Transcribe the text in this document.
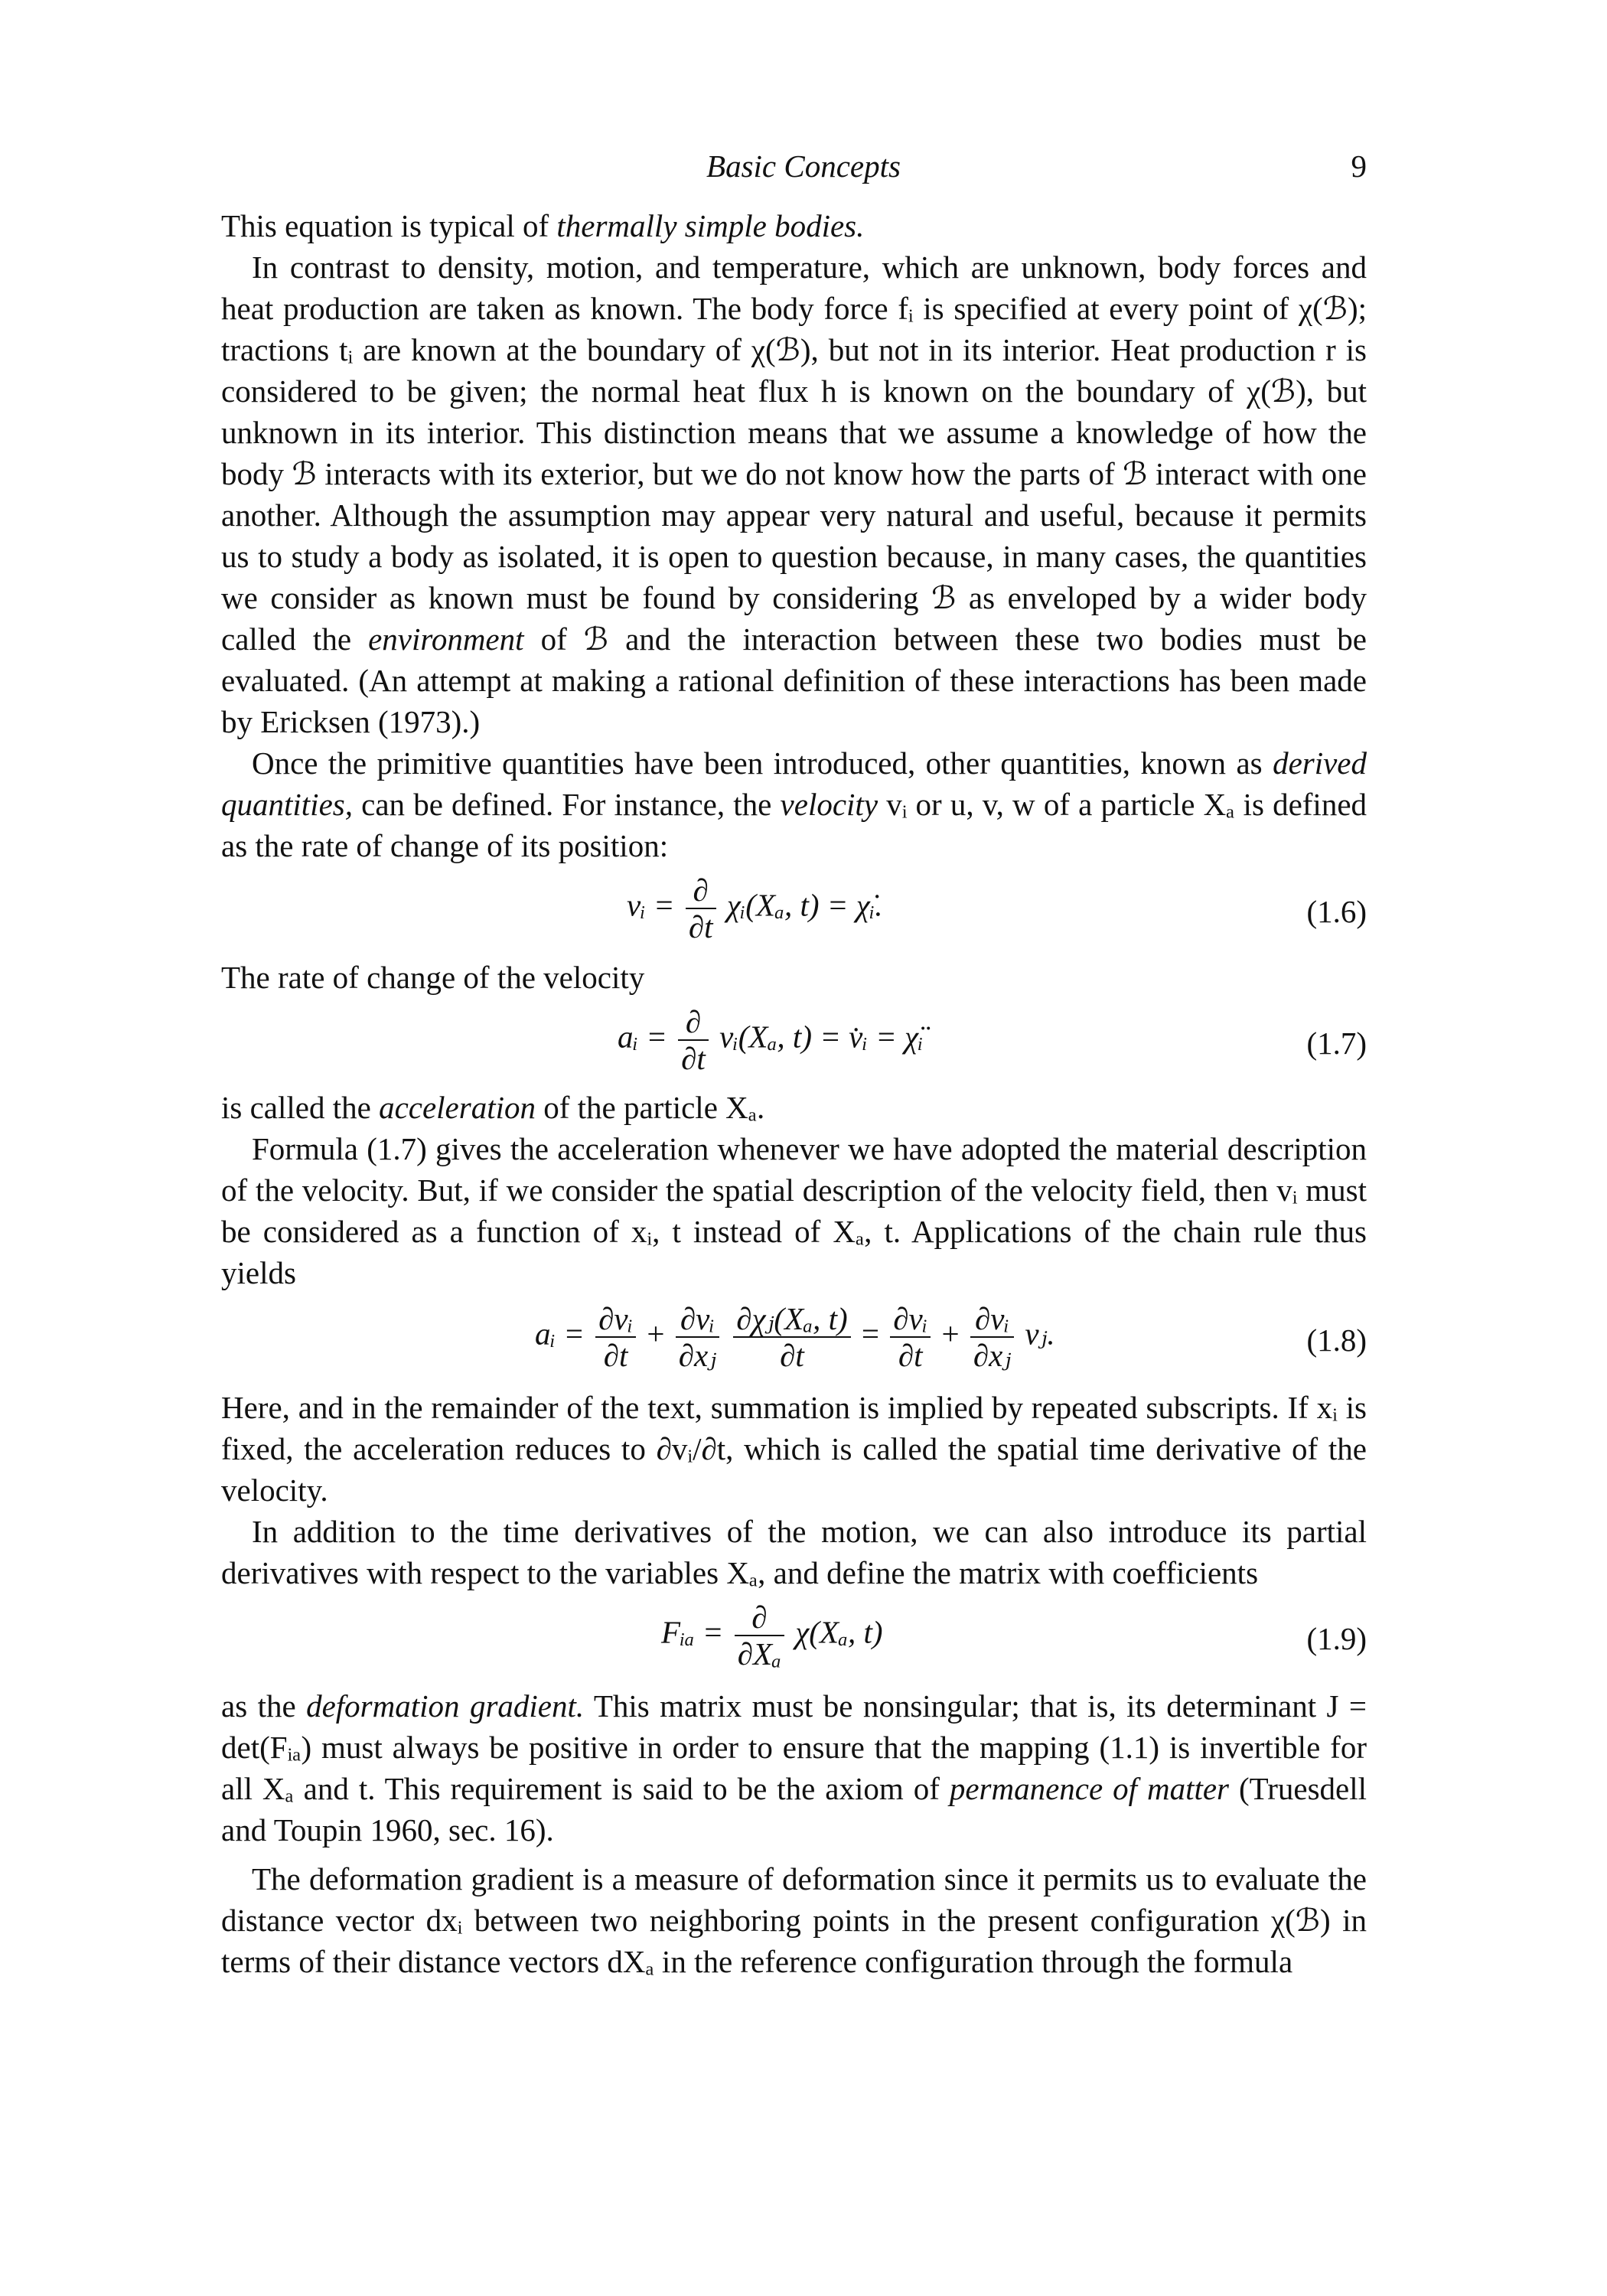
Basic Concepts	9

This equation is typical of thermally simple bodies.

In contrast to density, motion, and temperature, which are unknown, body forces and heat production are taken as known. The body force fᵢ is specified at every point of χ(ℬ); tractions tᵢ are known at the boundary of χ(ℬ), but not in its interior. Heat production r is considered to be given; the normal heat flux h is known on the boundary of χ(ℬ), but unknown in its interior. This distinction means that we assume a knowledge of how the body ℬ interacts with its exterior, but we do not know how the parts of ℬ interact with one another. Although the assumption may appear very natural and useful, because it permits us to study a body as isolated, it is open to question because, in many cases, the quantities we consider as known must be found by considering ℬ as enveloped by a wider body called the environment of ℬ and the interaction between these two bodies must be evaluated. (An attempt at making a rational definition of these interactions has been made by Ericksen (1973).)

Once the primitive quantities have been introduced, other quantities, known as derived quantities, can be defined. For instance, the velocity vᵢ or u, v, w of a particle Xₐ is defined as the rate of change of its position:

vᵢ = $\frac{\partial}{\partial t}$ χᵢ(Xₐ, t) = χ̇ᵢ.	(1.6)

The rate of change of the velocity

aᵢ = $\frac{\partial}{\partial t}$ vᵢ(Xₐ, t) = v̇ᵢ = χ̈ᵢ	(1.7)

is called the acceleration of the particle Xₐ.

Formula (1.7) gives the acceleration whenever we have adopted the material description of the velocity. But, if we consider the spatial description of the velocity field, then vᵢ must be considered as a function of xᵢ, t instead of Xₐ, t. Applications of the chain rule thus yields

aᵢ = $\frac{\text{∂vᵢ}}{\partial t} + \frac{\text{∂vᵢ}}{\text{∂xⱼ}}$
$\frac{\text{∂χⱼ(Xₐ, t)}}{\partial t} = \frac{\text{∂vᵢ}}{\partial t} + \frac{\text{∂vᵢ}}{\text{∂xⱼ}}$ vⱼ.	(1.8)

Here, and in the remainder of the text, summation is implied by repeated subscripts. If xᵢ is fixed, the acceleration reduces to ∂vᵢ/∂t, which is called the spatial time derivative of the velocity.

In addition to the time derivatives of the motion, we can also introduce its partial derivatives with respect to the variables Xₐ, and define the matrix with coefficients

Fᵢₐ = $\frac{\partial}{\text{∂Xₐ}} \chi(X_a$, t)	(1.9)

as the deformation gradient. This matrix must be nonsingular; that is, its determinant J = det(Fᵢₐ) must always be positive in order to ensure that the mapping (1.1) is invertible for all Xₐ and t. This requirement is said to be the axiom of permanence of matter (Truesdell and Toupin 1960, sec. 16).

The deformation gradient is a measure of deformation since it permits us to evaluate the distance vector dxᵢ between two neighboring points in the present configuration χ(ℬ) in terms of their distance vectors dXₐ in the reference configuration through the formula
